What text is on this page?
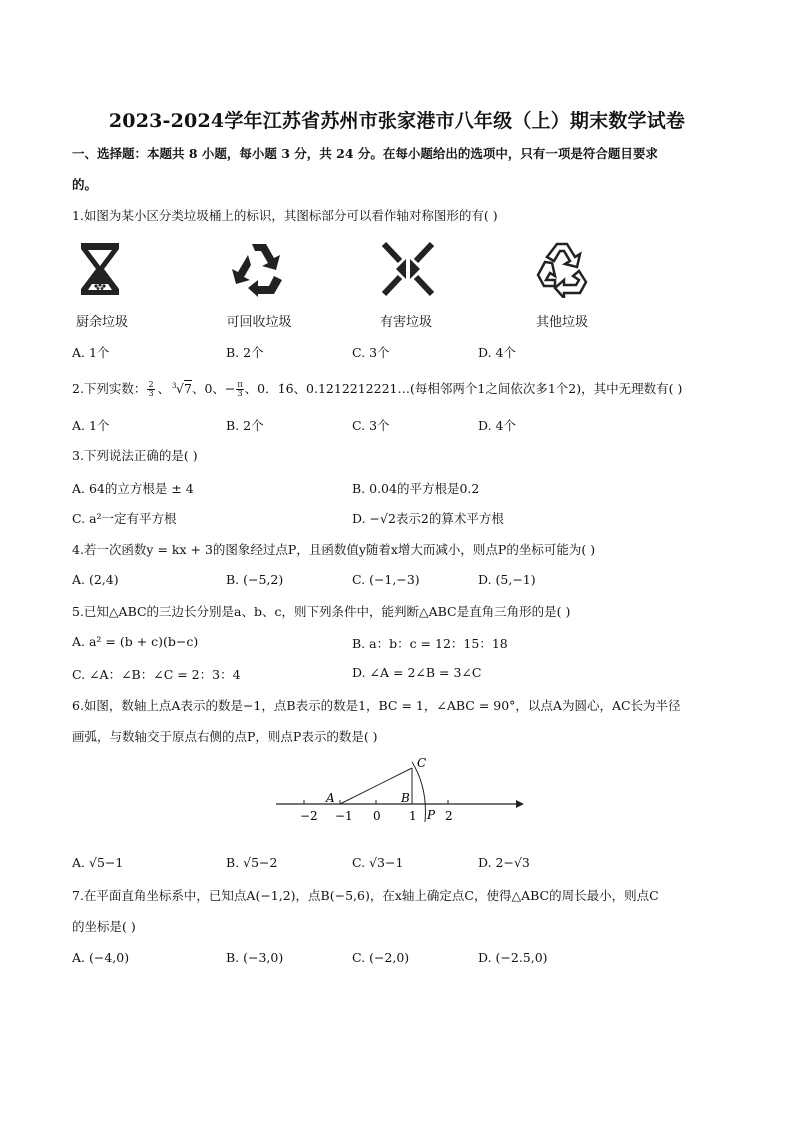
2023-2024学年江苏省苏州市张家港市八年级（上）期末数学试卷
一、选择题：本题共 8 小题，每小题 3 分，共 24 分。在每小题给出的选项中，只有一项是符合题目要求
的。
1.如图为某小区分类垃圾桶上的标识，其图标部分可以看作轴对称图形的有( )
厨余垃圾	可回收垃圾	有害垃圾	其他垃圾
A. 1个	B. 2个	C. 3个	D. 4个
2.下列实数： $\frac{2}{3}$ 、 3 √7 、0、− $\frac{\pi}{3}$ 、0．1̇6̇、0.1212212221…(每相邻两个1之间依次多1个2)，其中无理数有( )
A. 1个	B. 2个	C. 3个	D. 4个
3.下列说法正确的是( )
A. 64的立方根是 ± 4	B. 0.04的平方根是0.2
C. a²一定有平方根	D. −√2表示2的算术平方根
4.若一次函数y = kx + 3的图象经过点P，且函数值y随着x增大而减小，则点P的坐标可能为( )
A. (2,4)	B. (−5,2)	C. (−1,−3)	D. (5,−1)
5.已知△ABC的三边长分别是a、b、c，则下列条件中，能判断△ABC是直角三角形的是( )
A. a² = (b + c)(b−c)	B. a：b：c = 12：15：18
C. ∠A：∠B：∠C = 2：3：4	D. ∠A = 2∠B = 3∠C
6.如图，数轴上点A表示的数是−1，点B表示的数是1，BC = 1，∠ABC = 90°，以点A为圆心，AC长为半径
画弧，与数轴交于原点右侧的点P，则点P表示的数是( )
−2 −1 0 1 2
A	B
C
P
A. √5−1	B. √5−2	C. √3−1	D. 2−√3
7.在平面直角坐标系中，已知点A(−1,2)，点B(−5,6)，在x轴上确定点C，使得△ABC的周长最小，则点C
的坐标是( )
A. (−4,0)	B. (−3,0)	C. (−2,0)	D. (−2.5,0)
